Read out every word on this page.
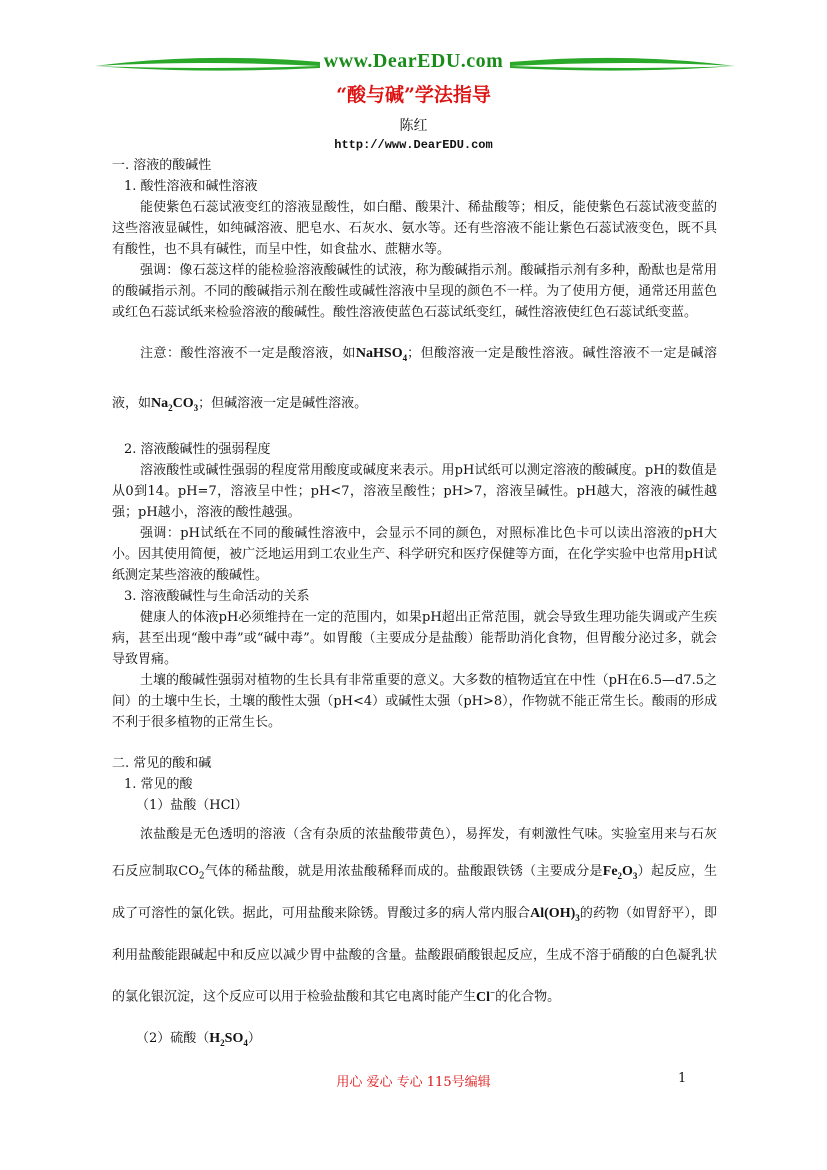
www.DearEDU.com
“酸与碱”学法指导
陈红
http://www.DearEDU.com

一. 溶液的酸碱性

1. 酸性溶液和碱性溶液

能使紫色石蕊试液变红的溶液显酸性，如白醋、酸果汁、稀盐酸等；相反，能使紫色石蕊试液变蓝的这些溶液显碱性，如纯碱溶液、肥皂水、石灰水、氨水等。还有些溶液不能让紫色石蕊试液变色，既不具有酸性，也不具有碱性，而呈中性，如食盐水、蔗糖水等。

强调：像石蕊这样的能检验溶液酸碱性的试液，称为酸碱指示剂。酸碱指示剂有多种，酚酞也是常用的酸碱指示剂。不同的酸碱指示剂在酸性或碱性溶液中呈现的颜色不一样。为了使用方便，通常还用蓝色或红色石蕊试纸来检验溶液的酸碱性。酸性溶液使蓝色石蕊试纸变红，碱性溶液使红色石蕊试纸变蓝。

注意：酸性溶液不一定是酸溶液，如NaHSO$_4$；但酸溶液一定是酸性溶液。碱性溶液不一定是碱溶液，如$Na_2CO_3$；但碱溶液一定是碱性溶液。

2. 溶液酸碱性的强弱程度

溶液酸性或碱性强弱的程度常用酸度或碱度来表示。用pH试纸可以测定溶液的酸碱度。pH的数值是从0到14。pH=7，溶液呈中性；pH<7，溶液呈酸性；pH>7，溶液呈碱性。pH越大，溶液的碱性越强；pH越小，溶液的酸性越强。

强调：pH试纸在不同的酸碱性溶液中，会显示不同的颜色，对照标准比色卡可以读出溶液的pH大小。因其使用简便，被广泛地运用到工农业生产、科学研究和医疗保健等方面，在化学实验中也常用pH试纸测定某些溶液的酸碱性。

3. 溶液酸碱性与生命活动的关系

健康人的体液pH必须维持在一定的范围内，如果pH超出正常范围，就会导致生理功能失调或产生疾病，甚至出现“酸中毒”或“碱中毒”。如胃酸（主要成分是盐酸）能帮助消化食物，但胃酸分泌过多，就会导致胃痛。

土壤的酸碱性强弱对植物的生长具有非常重要的意义。大多数的植物适宜在中性（pH在6.5—d7.5之间）的土壤中生长，土壤的酸性太强（pH<4）或碱性太强（pH>8），作物就不能正常生长。酸雨的形成不利于很多植物的正常生长。

二. 常见的酸和碱

1. 常见的酸

（1）盐酸（HCl）

浓盐酸是无色透明的溶液（含有杂质的浓盐酸带黄色），易挥发，有刺激性气味。实验室用来与石灰石反应制取$CO_2$气体的稀盐酸，就是用浓盐酸稀释而成的。盐酸跟铁锈（主要成分是$Fe_2O_3$）起反应，生成了可溶性的氯化铁。据此，可用盐酸来除锈。胃酸过多的病人常内服合$Al(OH)_3$的药物（如胃舒平），即利用盐酸能跟碱起中和反应以减少胃中盐酸的含量。盐酸跟硝酸银起反应，生成不溶于硝酸的白色凝乳状的氯化银沉淀，这个反应可以用于检验盐酸和其它电离时能产生Cl−的化合物。

（2）硫酸$(H_2SO_4)$

用心 爱心 专心 115号编辑	1
